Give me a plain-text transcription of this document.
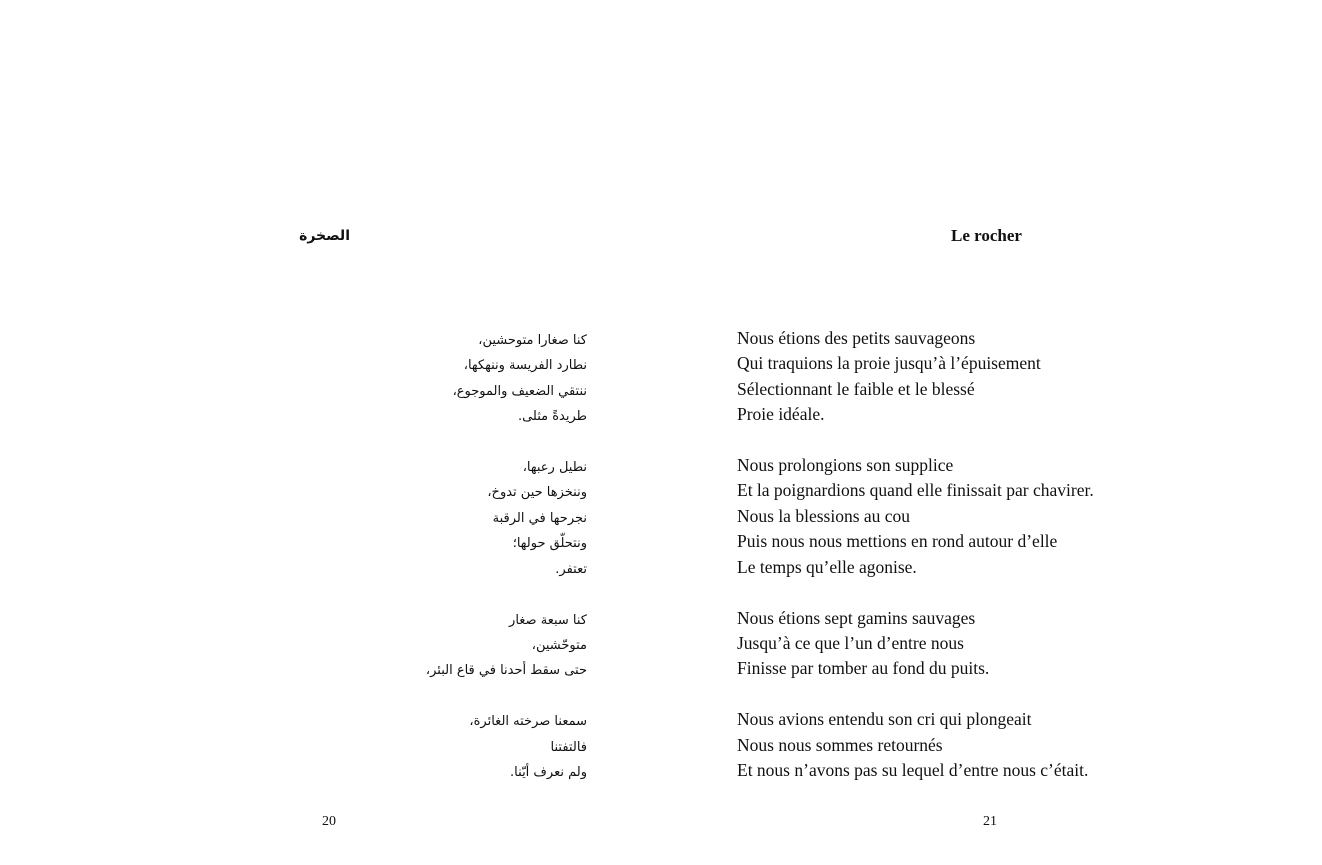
الصخرة
كنا صغارا متوحشين،
نطارد الفريسة وننهكها،
ننتقي الضعيف والموجوع،
طريدةً مثلى.
نطيل رعبها،
وننخزها حين تدوخ،
نجرحها في الرقبة
ونتحلّق حولها؛
تعتفر.
كنا سبعة صغار
متوحّشين،
حتى سقط أحدنا في قاع البئر،
سمعنا صرخته الغائرة،
فالتفتنا
ولم نعرف أيّنا.
20
Le rocher
Nous étions des petits sauvageons
Qui traquions la proie jusqu’à l’épuisement
Sélectionnant le faible et le blessé
Proie idéale.
Nous prolongions son supplice
Et la poignardions quand elle finissait par chavirer.
Nous la blessions au cou
Puis nous nous mettions en rond autour d’elle
Le temps qu’elle agonise.
Nous étions sept gamins sauvages
Jusqu’à ce que l’un d’entre nous
Finisse par tomber au fond du puits.
Nous avions entendu son cri qui plongeait
Nous nous sommes retournés
Et nous n’avons pas su lequel d’entre nous c’était.
21
